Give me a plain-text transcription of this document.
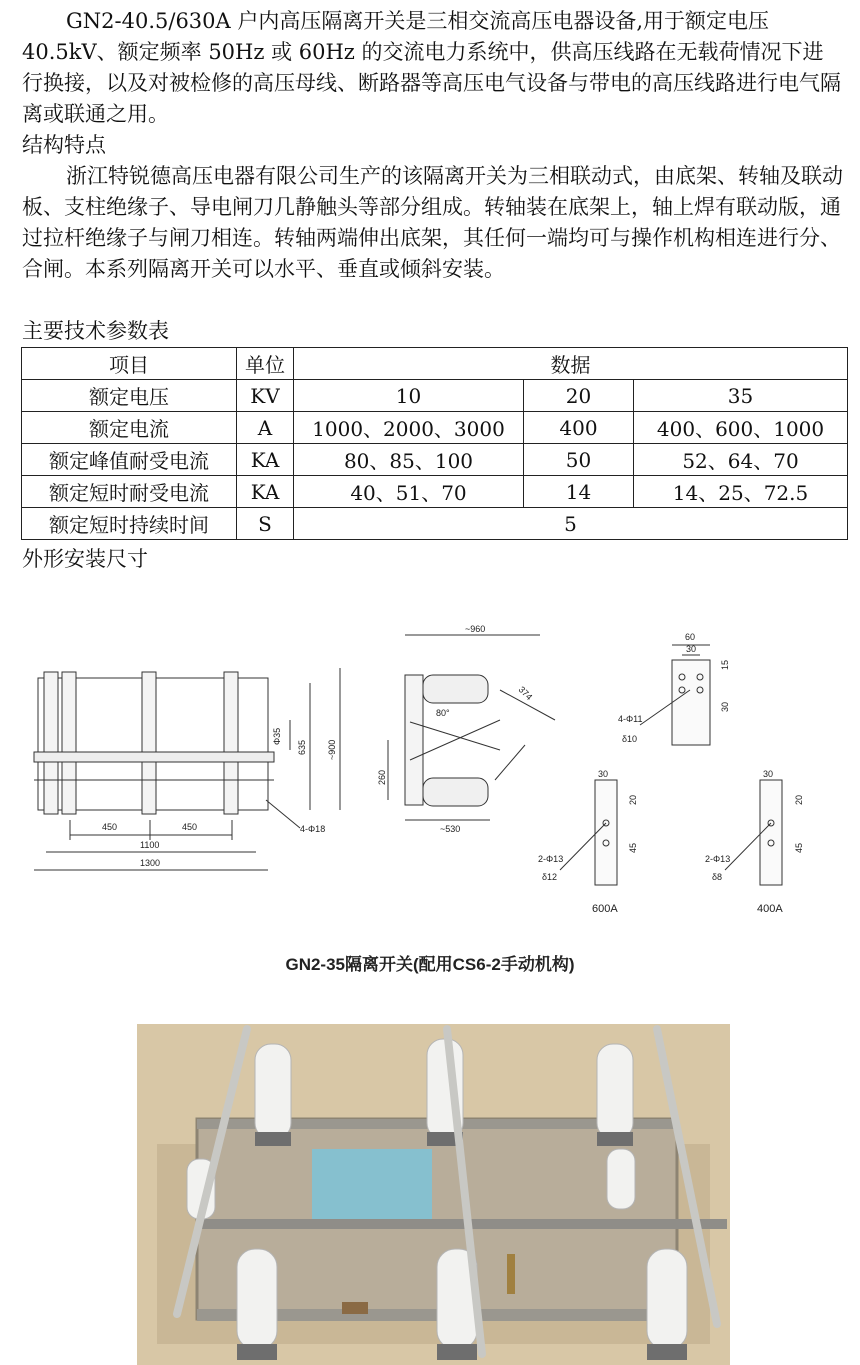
GN2-40.5/630A 户内高压隔离开关是三相交流高压电器设备,用于额定电压40.5kV、额定频率 50Hz 或 60Hz 的交流电力系统中，供高压线路在无载荷情况下进行换接，以及对被检修的高压母线、断路器等高压电气设备与带电的高压线路进行电气隔离或联通之用。

结构特点

浙江特锐德高压电器有限公司生产的该隔离开关为三相联动式，由底架、转轴及联动板、支柱绝缘子、导电闸刀几静触头等部分组成。转轴装在底架上，轴上焊有联动版，通过拉杆绝缘子与闸刀相连。转轴两端伸出底架，其任何一端均可与操作机构相连进行分、合闸。本系列隔离开关可以水平、垂直或倾斜安装。

主要技术参数表

项目	单位	数据		
额定电压	KV	10	20	35
额定电流	A	1000、2000、3000	400	400、600、1000
额定峰值耐受电流	KA	80、85、100	50	52、64、70
额定短时耐受电流	KA	40、51、70	14	14、25、72.5
额定短时持续时间	S	5		

外形安装尺寸

450	450
1100
1300
Φ35
635 ~900
4-Φ18
~960
374
80°
260
~530
60
30
15
30
4-Φ11
δ10
30
20
45
2-Φ13
δ12
600A
30
20
45
2-Φ13
δ8
400A
GN2-35隔离开关(配用CS6-2手动机构)
